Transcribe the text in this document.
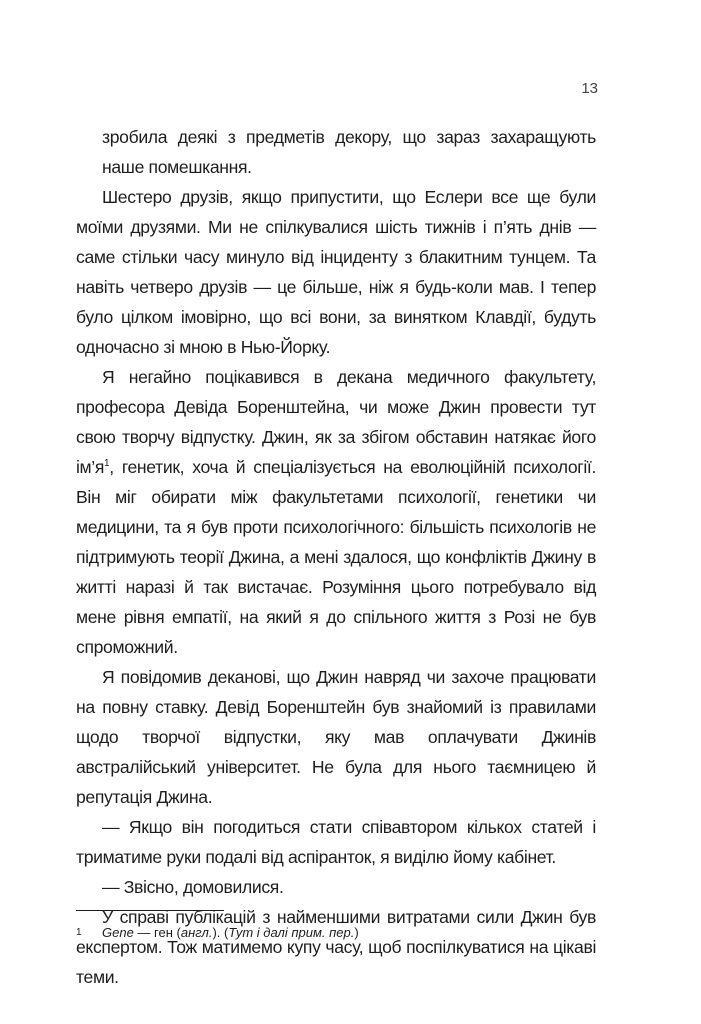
13

зробила деякі з предметів декору, що зараз захаращують наше помешкання.

Шестеро друзів, якщо припустити, що Еслери все ще були моїми друзями. Ми не спілкувалися шість тижнів і п’ять днів — саме стільки часу минуло від інциденту з блакитним тунцем. Та навіть четверо друзів — це більше, ніж я будь-коли мав. І тепер було цілком імовірно, що всі вони, за винятком Клавдії, будуть одночасно зі мною в Нью-Йорку.

Я негайно поцікавився в декана медичного факультету, професора Девіда Боренштейна, чи може Джин провести тут свою творчу відпустку. Джин, як за збігом обставин натякає його $ім’я^1$, генетик, хоча й спеціалізується на еволюційній психології. Він міг обирати між факультетами психології, генетики чи медицини, та я був проти психологічного: більшість психологів не підтримують теорії Джина, а мені здалося, що конфліктів Джину в житті наразі й так вистачає. Розуміння цього потребувало від мене рівня емпатії, на який я до спільного життя з Розі не був спроможний.

Я повідомив деканові, що Джин навряд чи захоче працювати на повну ставку. Девід Боренштейн був знайомий із правилами щодо творчої відпустки, яку мав оплачувати Джинів австралійський університет. Не була для нього таємницею й репутація Джина.

— Якщо він погодиться стати співавтором кількох статей і триматиме руки подалі від аспіранток, я виділю йому кабінет.

— Звісно, домовилися.

У справі публікацій з найменшими витратами сили Джин був експертом. Тож матимемо купу часу, щоб поспілкуватися на цікаві теми.

1 Gene — ген (англ.). (Тут і далі прим. пер.)
